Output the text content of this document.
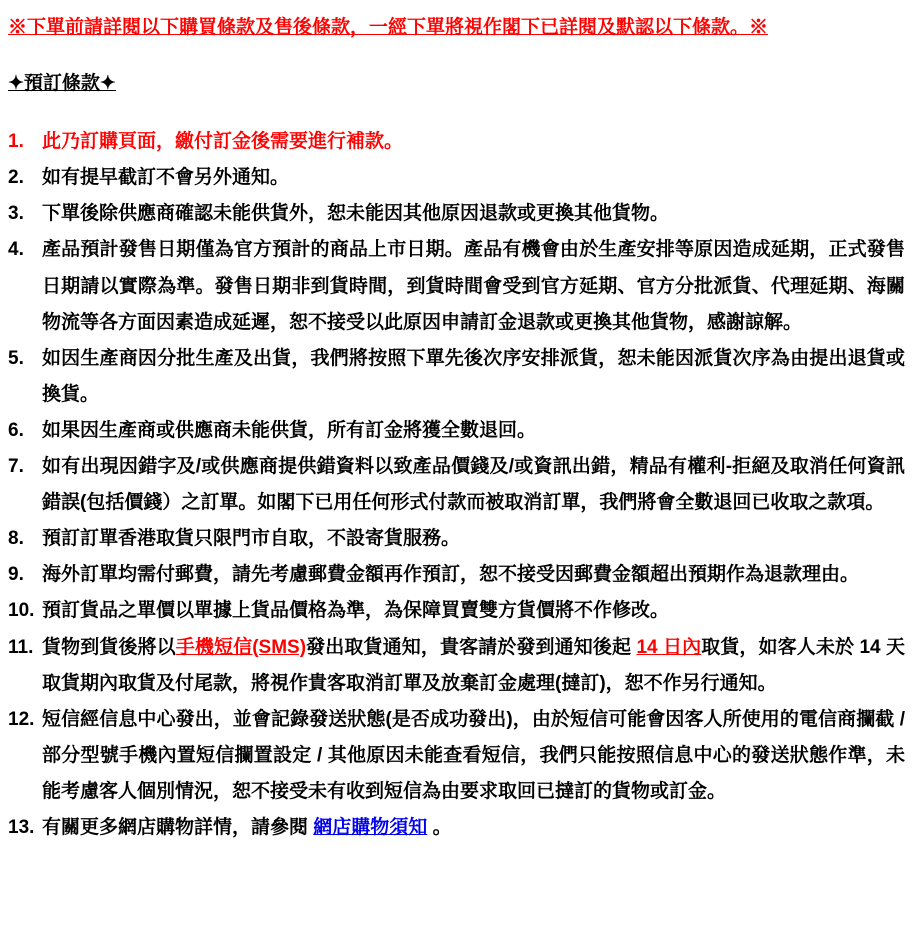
※下單前請詳閱以下購買條款及售後條款，一經下單將視作閣下已詳閱及默認以下條款。※

✦預訂條款✦

1. 此乃訂購頁面，繳付訂金後需要進行補款。
2. 如有提早截訂不會另外通知。
3. 下單後除供應商確認未能供貨外，恕未能因其他原因退款或更換其他貨物。
4. 產品預計發售日期僅為官方預計的商品上市日期。產品有機會由於生產安排等原因造成延期，正式發售日期請以實際為準。發售日期非到貨時間，到貨時間會受到官方延期、官方分批派貨、代理延期、海關物流等各方面因素造成延遲，恕不接受以此原因申請訂金退款或更換其他貨物，感謝諒解。
5. 如因生產商因分批生產及出貨，我們將按照下單先後次序安排派貨，恕未能因派貨次序為由提出退貨或換貨。
6. 如果因生產商或供應商未能供貨，所有訂金將獲全數退回。
7. 如有出現因錯字及/或供應商提供錯資料以致產品價錢及/或資訊出錯，精品有權利-拒絕及取消任何資訊錯誤(包括價錢）之訂單。如閣下已用任何形式付款而被取消訂單，我們將會全數退回已收取之款項。
8. 預訂訂單香港取貨只限門市自取，不設寄貨服務。
9. 海外訂單均需付郵費，請先考慮郵費金額再作預訂，恕不接受因郵費金額超出預期作為退款理由。
10. 預訂貨品之單價以單據上貨品價格為準，為保障買賣雙方貨價將不作修改。
11. 貨物到貨後將以手機短信(SMS)發出取貨通知，貴客請於發到通知後起 14 日內取貨，如客人未於 14 天取貨期內取貨及付尾款，將視作貴客取消訂單及放棄訂金處理(撻訂)，恕不作另行通知。
12. 短信經信息中心發出，並會記錄發送狀態(是否成功發出)，由於短信可能會因客人所使用的電信商攔截 / 部分型號手機內置短信攔置設定 / 其他原因未能查看短信，我們只能按照信息中心的發送狀態作準，未能考慮客人個別情況，恕不接受未有收到短信為由要求取回已撻訂的貨物或訂金。
13. 有關更多網店購物詳情，請參閱 網店購物須知 。
